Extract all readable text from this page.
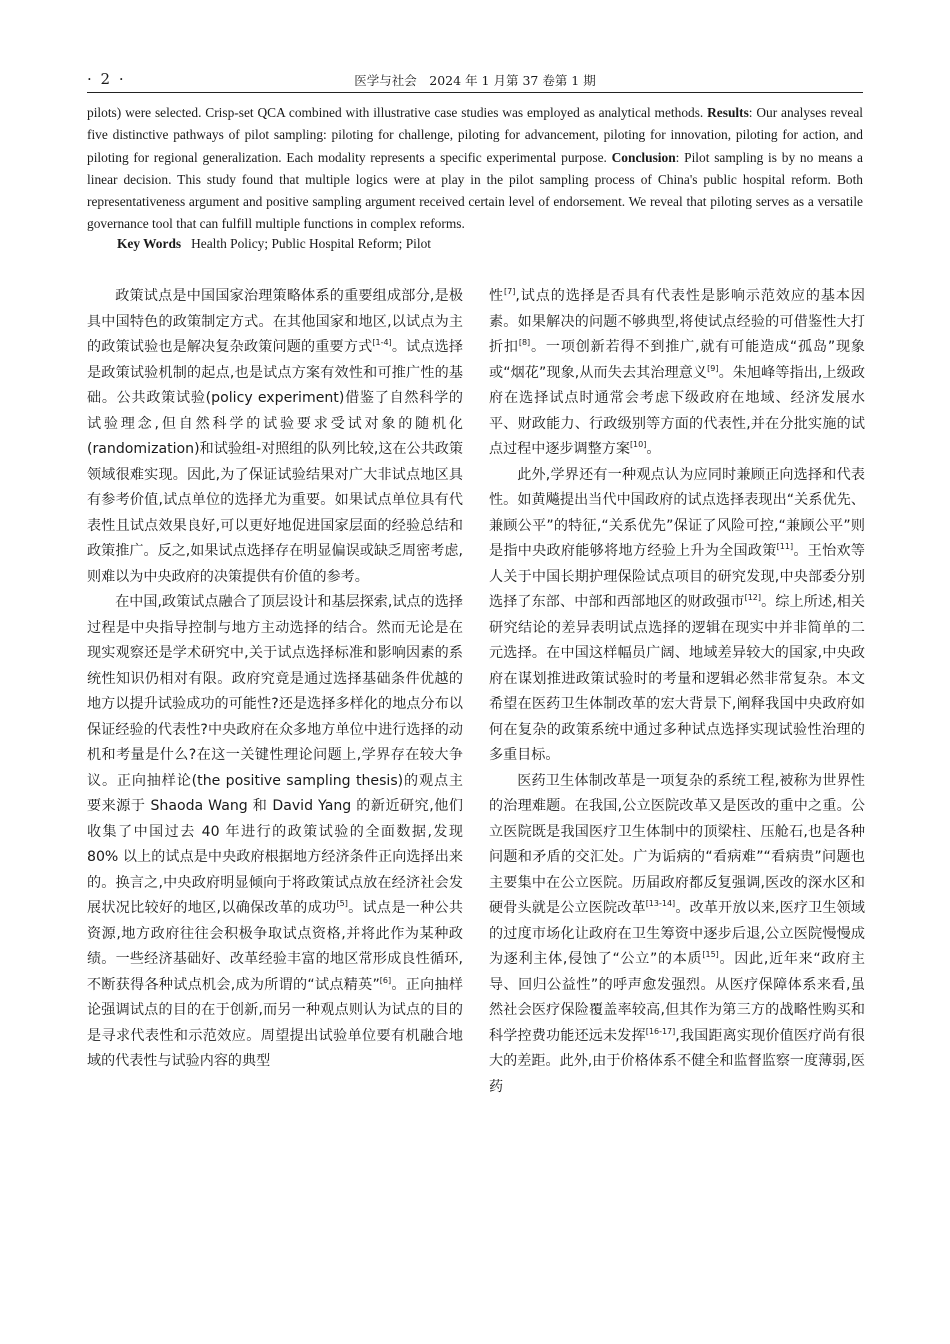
· 2 ·	医学与社会　2024 年 1 月第 37 卷第 1 期

pilots) were selected. Crisp-set QCA combined with illustrative case studies was employed as analytical methods. Results: Our analyses reveal five distinctive pathways of pilot sampling: piloting for challenge, piloting for advancement, piloting for innovation, piloting for action, and piloting for regional generalization. Each modality represents a specific experimental purpose. Conclusion: Pilot sampling is by no means a linear decision. This study found that multiple logics were at play in the pilot sampling process of China's public hospital reform. Both representativeness argument and positive sampling argument received certain level of endorsement. We reveal that piloting serves as a versatile governance tool that can fulfill multiple functions in complex reforms.

Key Words Health Policy; Public Hospital Reform; Pilot

政策试点是中国国家治理策略体系的重要组成部分,是极具中国特色的政策制定方式。在其他国家和地区,以试点为主的政策试验也是解决复杂政策问题的重要方式[1-4]。试点选择是政策试验机制的起点,也是试点方案有效性和可推广性的基础。公共政策试验(policy experiment)借鉴了自然科学的试验理念,但自然科学的试验要求受试对象的随机化(randomization)和试验组-对照组的队列比较,这在公共政策领域很难实现。因此,为了保证试验结果对广大非试点地区具有参考价值,试点单位的选择尤为重要。如果试点单位具有代表性且试点效果良好,可以更好地促进国家层面的经验总结和政策推广。反之,如果试点选择存在明显偏误或缺乏周密考虑,则难以为中央政府的决策提供有价值的参考。

在中国,政策试点融合了顶层设计和基层探索,试点的选择过程是中央指导控制与地方主动选择的结合。然而无论是在现实观察还是学术研究中,关于试点选择标准和影响因素的系统性知识仍相对有限。政府究竟是通过选择基础条件优越的地方以提升试验成功的可能性?还是选择多样化的地点分布以保证经验的代表性?中央政府在众多地方单位中进行选择的动机和考量是什么?在这一关键性理论问题上,学界存在较大争议。正向抽样论(the positive sampling thesis)的观点主要来源于 Shaoda Wang 和 David Yang 的新近研究,他们收集了中国过去 40 年进行的政策试验的全面数据,发现 80% 以上的试点是中央政府根据地方经济条件正向选择出来的。换言之,中央政府明显倾向于将政策试点放在经济社会发展状况比较好的地区,以确保改革的成功[5]。试点是一种公共资源,地方政府往往会积极争取试点资格,并将此作为某种政绩。一些经济基础好、改革经验丰富的地区常形成良性循环,不断获得各种试点机会,成为所谓的“试点精英”[6]。正向抽样论强调试点的目的在于创新,而另一种观点则认为试点的目的是寻求代表性和示范效应。周望提出试验单位要有机融合地域的代表性与试验内容的典型

性[7],试点的选择是否具有代表性是影响示范效应的基本因素。如果解决的问题不够典型,将使试点经验的可借鉴性大打折扣[8]。一项创新若得不到推广,就有可能造成“孤岛”现象或“烟花”现象,从而失去其治理意义[9]。朱旭峰等指出,上级政府在选择试点时通常会考虑下级政府在地域、经济发展水平、财政能力、行政级别等方面的代表性,并在分批实施的试点过程中逐步调整方案[10]。

此外,学界还有一种观点认为应同时兼顾正向选择和代表性。如黄飚提出当代中国政府的试点选择表现出“关系优先、兼顾公平”的特征,“关系优先”保证了风险可控,“兼顾公平”则是指中央政府能够将地方经验上升为全国政策[11]。王怡欢等人关于中国长期护理保险试点项目的研究发现,中央部委分别选择了东部、中部和西部地区的财政强市[12]。综上所述,相关研究结论的差异表明试点选择的逻辑在现实中并非简单的二元选择。在中国这样幅员广阔、地域差异较大的国家,中央政府在谋划推进政策试验时的考量和逻辑必然非常复杂。本文希望在医药卫生体制改革的宏大背景下,阐释我国中央政府如何在复杂的政策系统中通过多种试点选择实现试验性治理的多重目标。

医药卫生体制改革是一项复杂的系统工程,被称为世界性的治理难题。在我国,公立医院改革又是医改的重中之重。公立医院既是我国医疗卫生体制中的顶梁柱、压舱石,也是各种问题和矛盾的交汇处。广为诟病的“看病难”“看病贵”问题也主要集中在公立医院。历届政府都反复强调,医改的深水区和硬骨头就是公立医院改革[13-14]。改革开放以来,医疗卫生领域的过度市场化让政府在卫生筹资中逐步后退,公立医院慢慢成为逐利主体,侵蚀了“公立”的本质[15]。因此,近年来“政府主导、回归公益性”的呼声愈发强烈。从医疗保障体系来看,虽然社会医疗保险覆盖率较高,但其作为第三方的战略性购买和科学控费功能还远未发挥[16-17],我国距离实现价值医疗尚有很大的差距。此外,由于价格体系不健全和监督监察一度薄弱,医药
